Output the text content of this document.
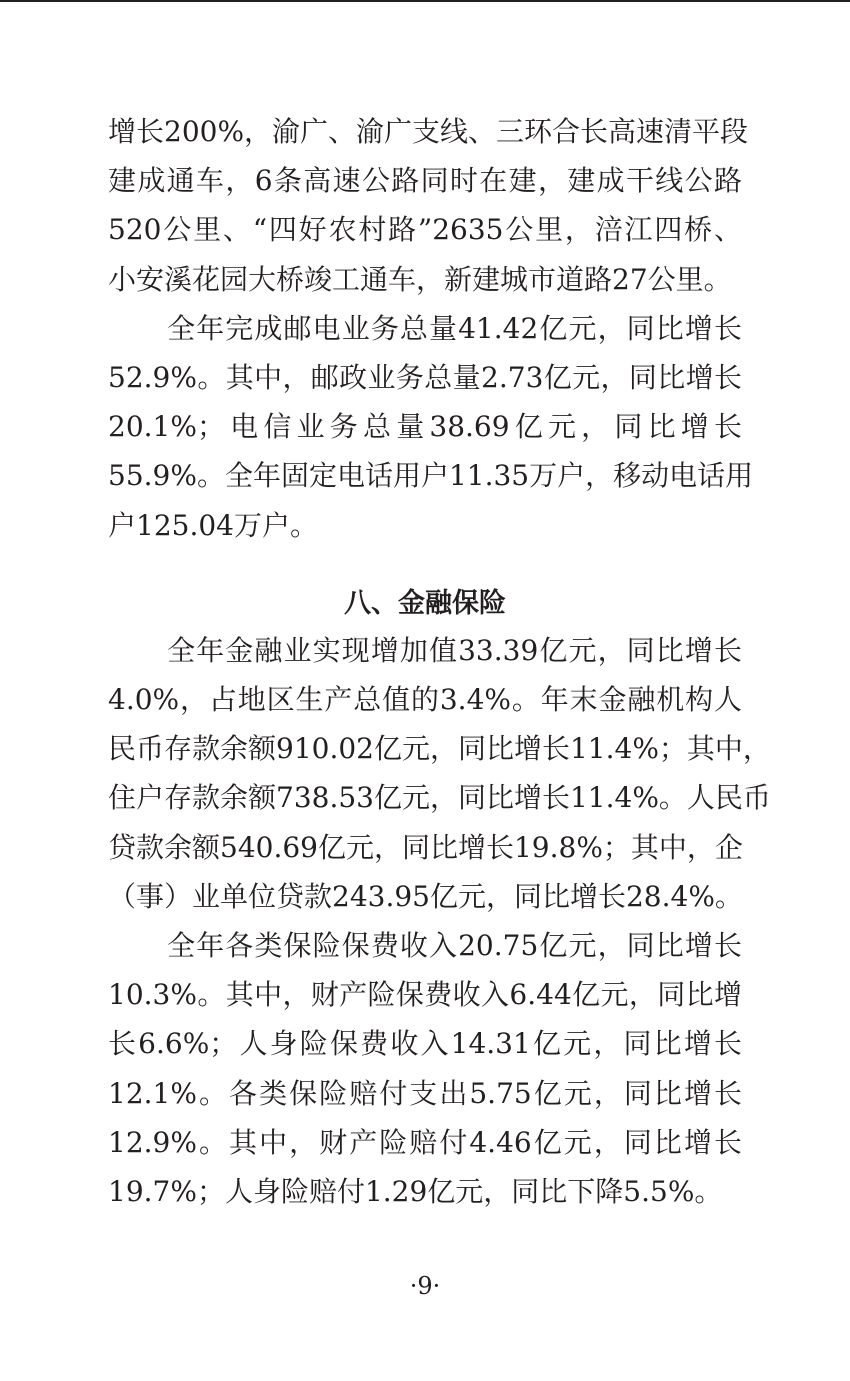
增长200%，渝广、渝广支线、三环合长高速清平段
建成通车，6条高速公路同时在建，建成干线公路
520公里、“四好农村路”2635公里，涪江四桥、
小安溪花园大桥竣工通车，新建城市道路27公里。

全年完成邮电业务总量41.42亿元，同比增长
52.9%。其中，邮政业务总量2.73亿元，同比增长
20.1%；电信业务总量38.69亿元，同比增长
55.9%。全年固定电话用户11.35万户，移动电话用
户125.04万户。

八、金融保险

全年金融业实现增加值33.39亿元，同比增长
4.0%，占地区生产总值的3.4%。年末金融机构人
民币存款余额910.02亿元，同比增长11.4%；其中，
住户存款余额738.53亿元，同比增长11.4%。人民币
贷款余额540.69亿元，同比增长19.8%；其中，企
（事）业单位贷款243.95亿元，同比增长28.4%。

全年各类保险保费收入20.75亿元，同比增长
10.3%。其中，财产险保费收入6.44亿元，同比增
长6.6%；人身险保费收入14.31亿元，同比增长
12.1%。各类保险赔付支出5.75亿元，同比增长
12.9%。其中，财产险赔付4.46亿元，同比增长
19.7%；人身险赔付1.29亿元，同比下降5.5%。

·9·
